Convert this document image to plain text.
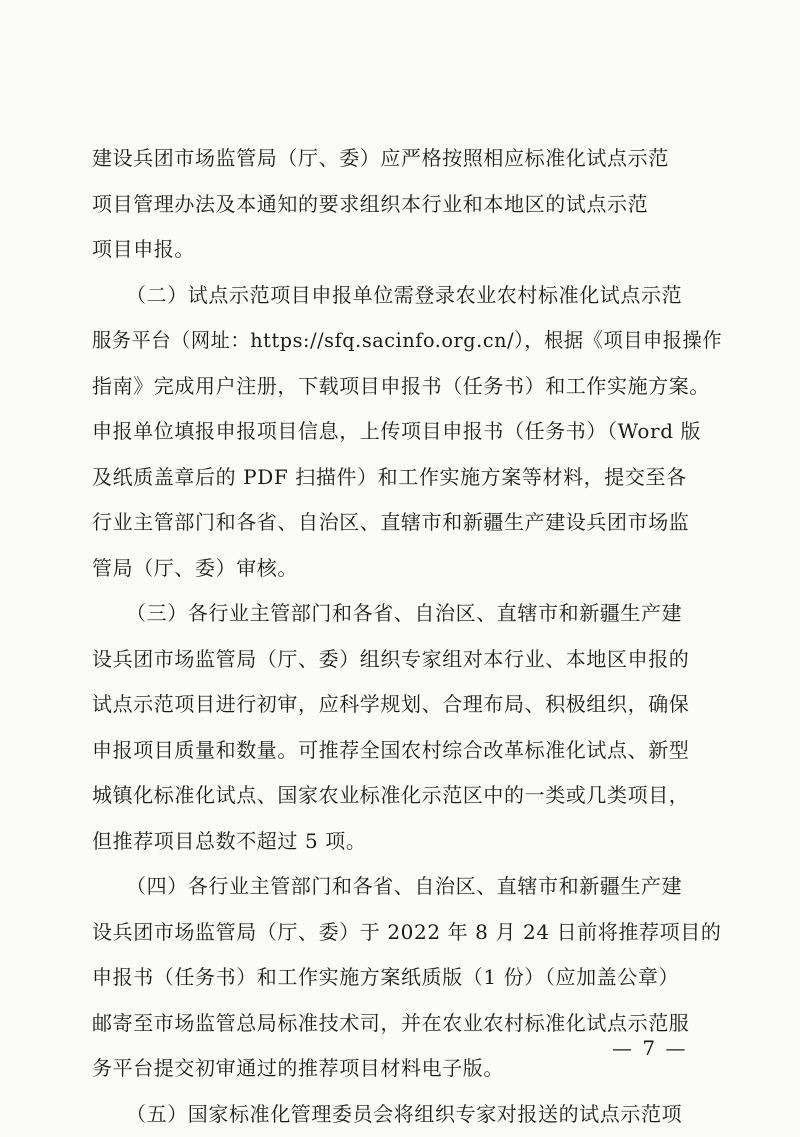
建设兵团市场监管局（厅、委）应严格按照相应标准化试点示范
项目管理办法及本通知的要求组织本行业和本地区的试点示范
项目申报。

（二）试点示范项目申报单位需登录农业农村标准化试点示范
服务平台（网址：https://sfq.sacinfo.org.cn/），根据《项目申报操作
指南》完成用户注册，下载项目申报书（任务书）和工作实施方案。
申报单位填报申报项目信息，上传项目申报书（任务书）（Word 版
及纸质盖章后的 PDF 扫描件）和工作实施方案等材料，提交至各
行业主管部门和各省、自治区、直辖市和新疆生产建设兵团市场监
管局（厅、委）审核。

（三）各行业主管部门和各省、自治区、直辖市和新疆生产建
设兵团市场监管局（厅、委）组织专家组对本行业、本地区申报的
试点示范项目进行初审，应科学规划、合理布局、积极组织，确保
申报项目质量和数量。可推荐全国农村综合改革标准化试点、新型
城镇化标准化试点、国家农业标准化示范区中的一类或几类项目，
但推荐项目总数不超过 5 项。

（四）各行业主管部门和各省、自治区、直辖市和新疆生产建
设兵团市场监管局（厅、委）于 2022 年 8 月 24 日前将推荐项目的
申报书（任务书）和工作实施方案纸质版（1 份）（应加盖公章）
邮寄至市场监管总局标准技术司，并在农业农村标准化试点示范服
务平台提交初审通过的推荐项目材料电子版。

（五）国家标准化管理委员会将组织专家对报送的试点示范项

— 7 —
